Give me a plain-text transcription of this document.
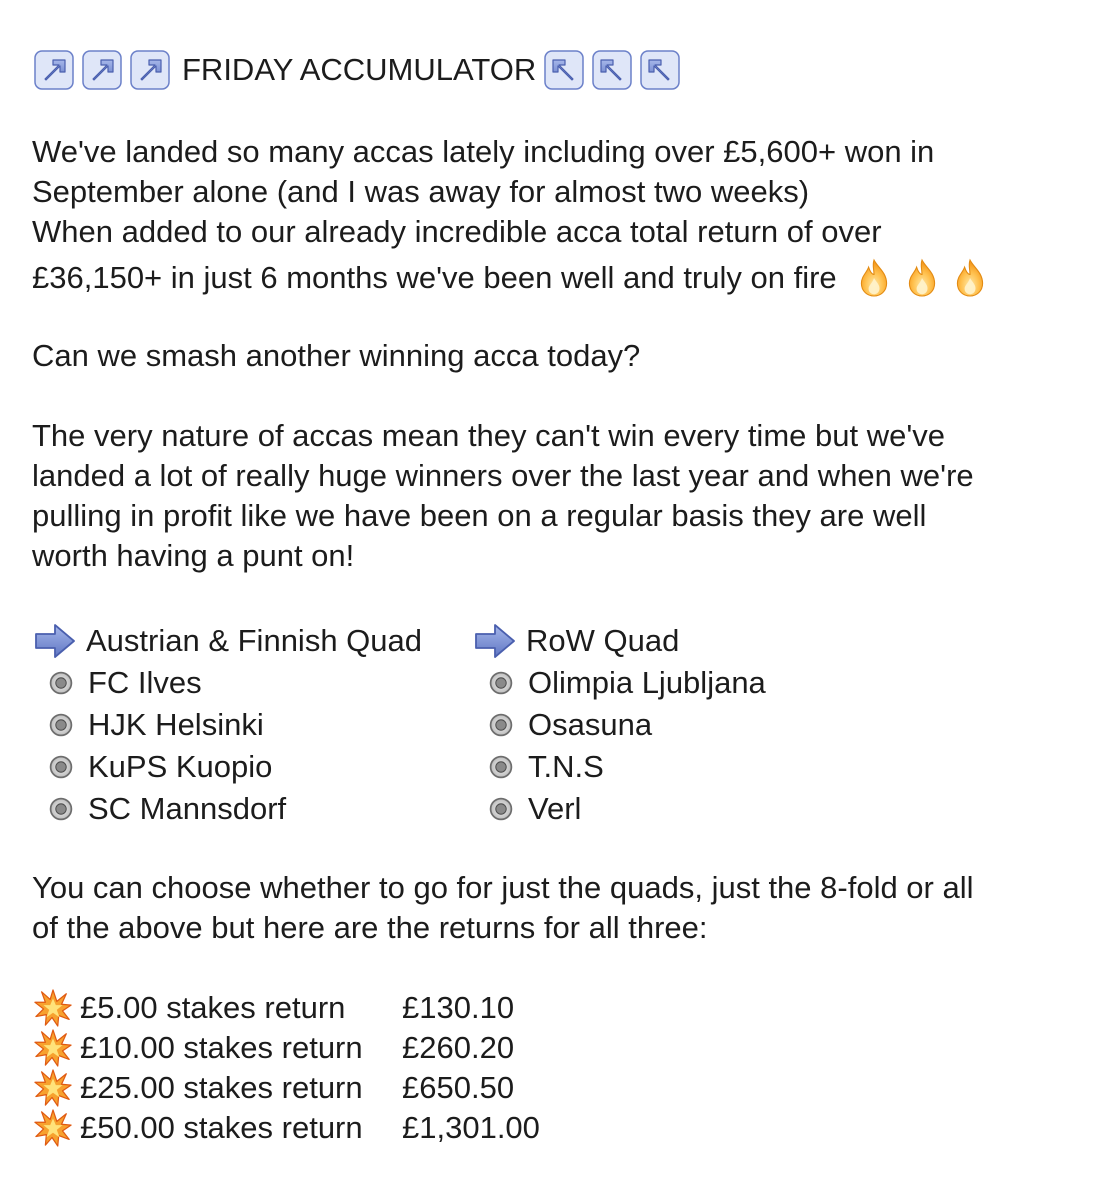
FRIDAY ACCUMULATOR

We've landed so many accas lately including over £5,600+ won in
September alone (and I was away for almost two weeks)
When added to our already incredible acca total return of over

£36,150+ in just 6 months we've been well and truly on fire

Can we smash another winning acca today?

The very nature of accas mean they can't win every time but we've
landed a lot of really huge winners over the last year and when we're
pulling in profit like we have been on a regular basis they are well
worth having a punt on!

Austrian & Finnish Quad
FC Ilves
HJK Helsinki
KuPS Kuopio
SC Mannsdorf
RoW Quad
Olimpia Ljubljana
Osasuna
T.N.S
Verl

You can choose whether to go for just the quads, just the 8-fold or all
of the above but here are the returns for all three:

£5.00 stakes return	£130.10
£10.00 stakes return	£260.20
£25.00 stakes return	£650.50
£50.00 stakes return	£1,301.00
